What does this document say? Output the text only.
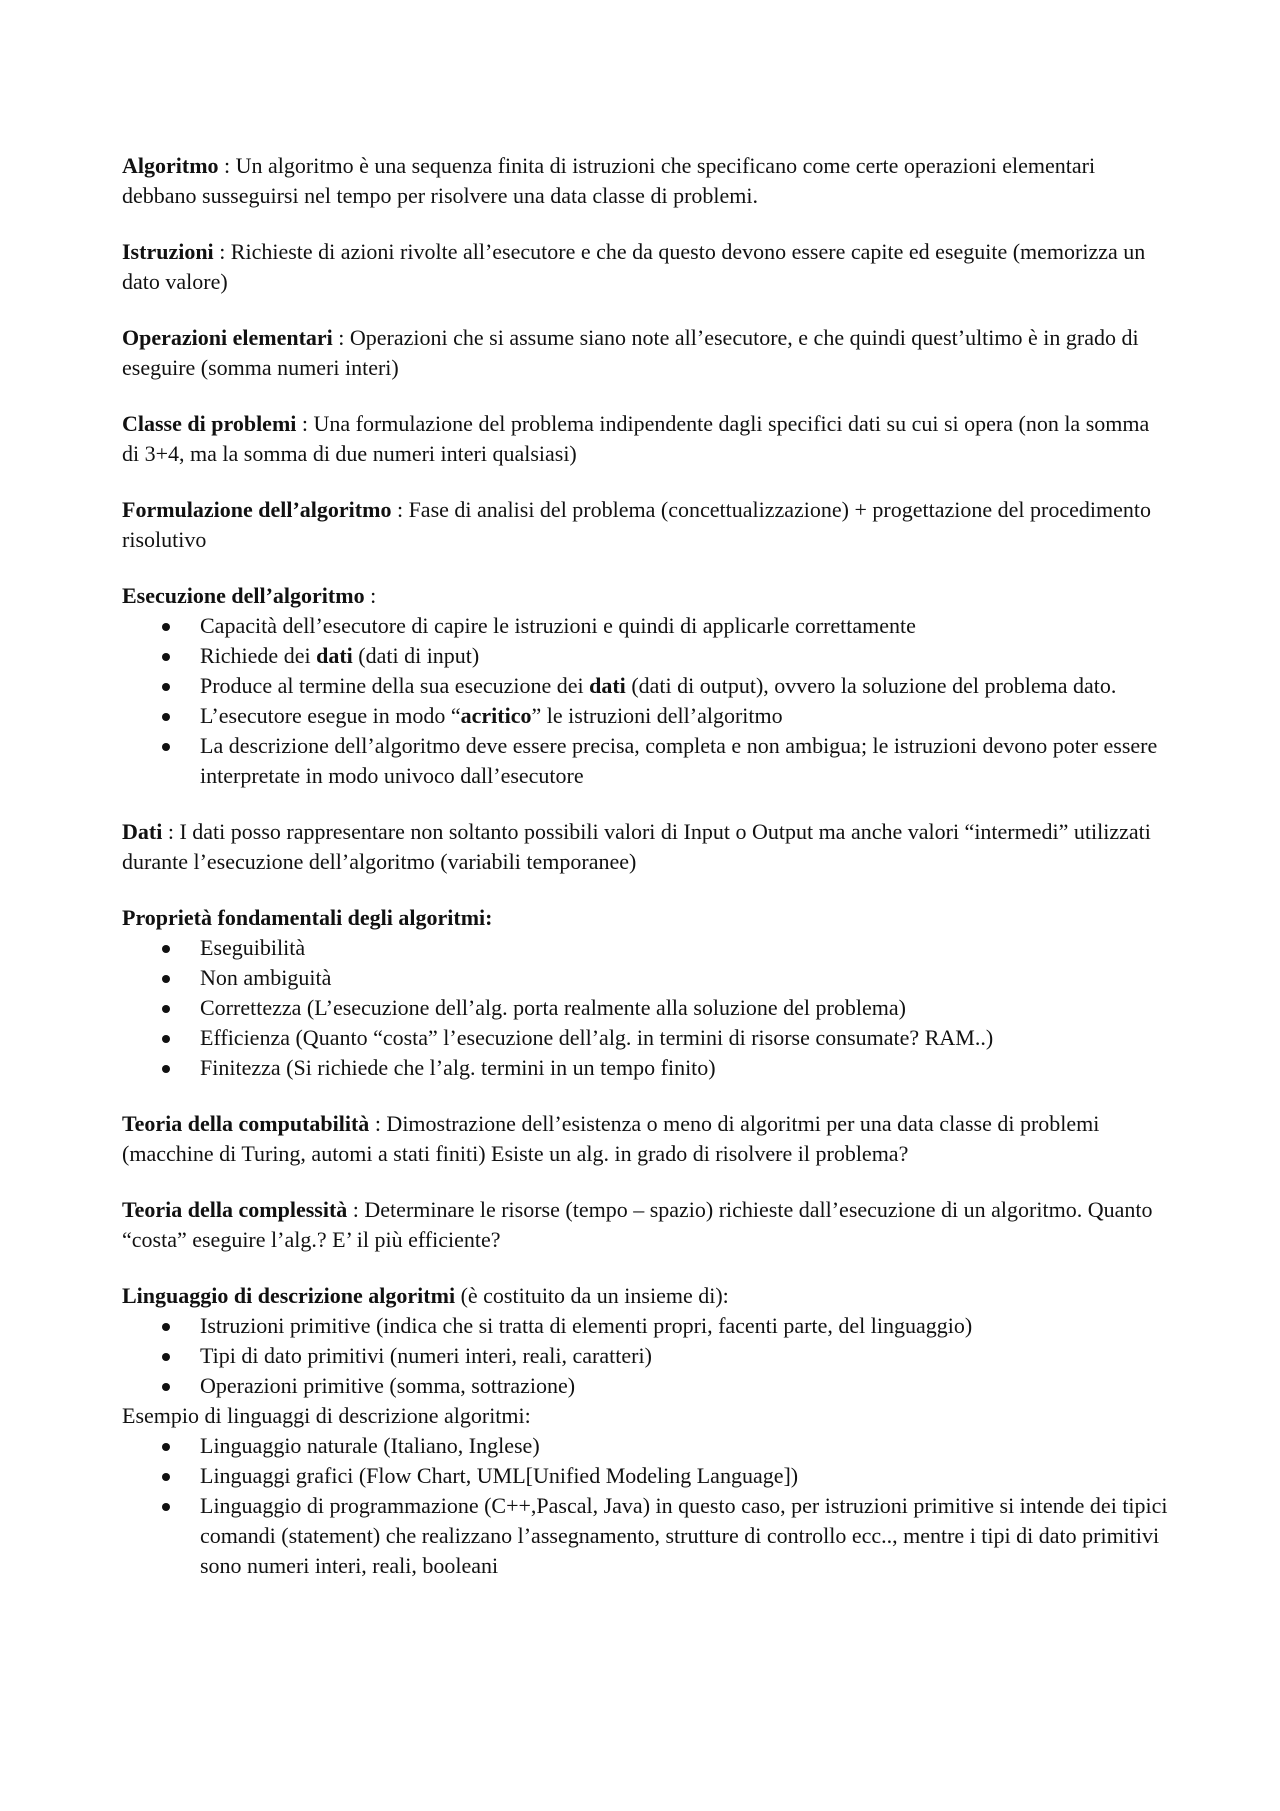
Algoritmo : Un algoritmo è una sequenza finita di istruzioni che specificano come certe operazioni elementari debbano susseguirsi nel tempo per risolvere una data classe di problemi.

Istruzioni : Richieste di azioni rivolte all’esecutore e che da questo devono essere capite ed eseguite (memorizza un dato valore)

Operazioni elementari : Operazioni che si assume siano note all’esecutore, e che quindi quest’ultimo è in grado di eseguire (somma numeri interi)

Classe di problemi : Una formulazione del problema indipendente dagli specifici dati su cui si opera (non la somma di 3+4, ma la somma di due numeri interi qualsiasi)

Formulazione dell’algoritmo : Fase di analisi del problema (concettualizzazione) + progettazione del procedimento risolutivo

Esecuzione dell’algoritmo :

Capacità dell’esecutore di capire le istruzioni e quindi di applicarle correttamente
Richiede dei dati (dati di input)
Produce al termine della sua esecuzione dei dati (dati di output), ovvero la soluzione del problema dato.
L’esecutore esegue in modo “acritico” le istruzioni dell’algoritmo
La descrizione dell’algoritmo deve essere precisa, completa e non ambigua; le istruzioni devono poter essere interpretate in modo univoco dall’esecutore

Dati : I dati posso rappresentare non soltanto possibili valori di Input o Output ma anche valori “intermedi” utilizzati durante l’esecuzione dell’algoritmo (variabili temporanee)

Proprietà fondamentali degli algoritmi:

Eseguibilità
Non ambiguità
Correttezza (L’esecuzione dell’alg. porta realmente alla soluzione del problema)
Efficienza (Quanto “costa” l’esecuzione dell’alg. in termini di risorse consumate? RAM..)
Finitezza (Si richiede che l’alg. termini in un tempo finito)

Teoria della computabilità : Dimostrazione dell’esistenza o meno di algoritmi per una data classe di problemi (macchine di Turing, automi a stati finiti) Esiste un alg. in grado di risolvere il problema?

Teoria della complessità : Determinare le risorse (tempo – spazio) richieste dall’esecuzione di un algoritmo. Quanto “costa” eseguire l’alg.? E’ il più efficiente?

Linguaggio di descrizione algoritmi (è costituito da un insieme di):

Istruzioni primitive (indica che si tratta di elementi propri, facenti parte, del linguaggio)
Tipi di dato primitivi (numeri interi, reali, caratteri)
Operazioni primitive (somma, sottrazione)

Esempio di linguaggi di descrizione algoritmi:

Linguaggio naturale (Italiano, Inglese)
Linguaggi grafici (Flow Chart, UML[Unified Modeling Language])
Linguaggio di programmazione (C++,Pascal, Java) in questo caso, per istruzioni primitive si intende dei tipici comandi (statement) che realizzano l’assegnamento, strutture di controllo ecc.., mentre i tipi di dato primitivi sono numeri interi, reali, booleani
